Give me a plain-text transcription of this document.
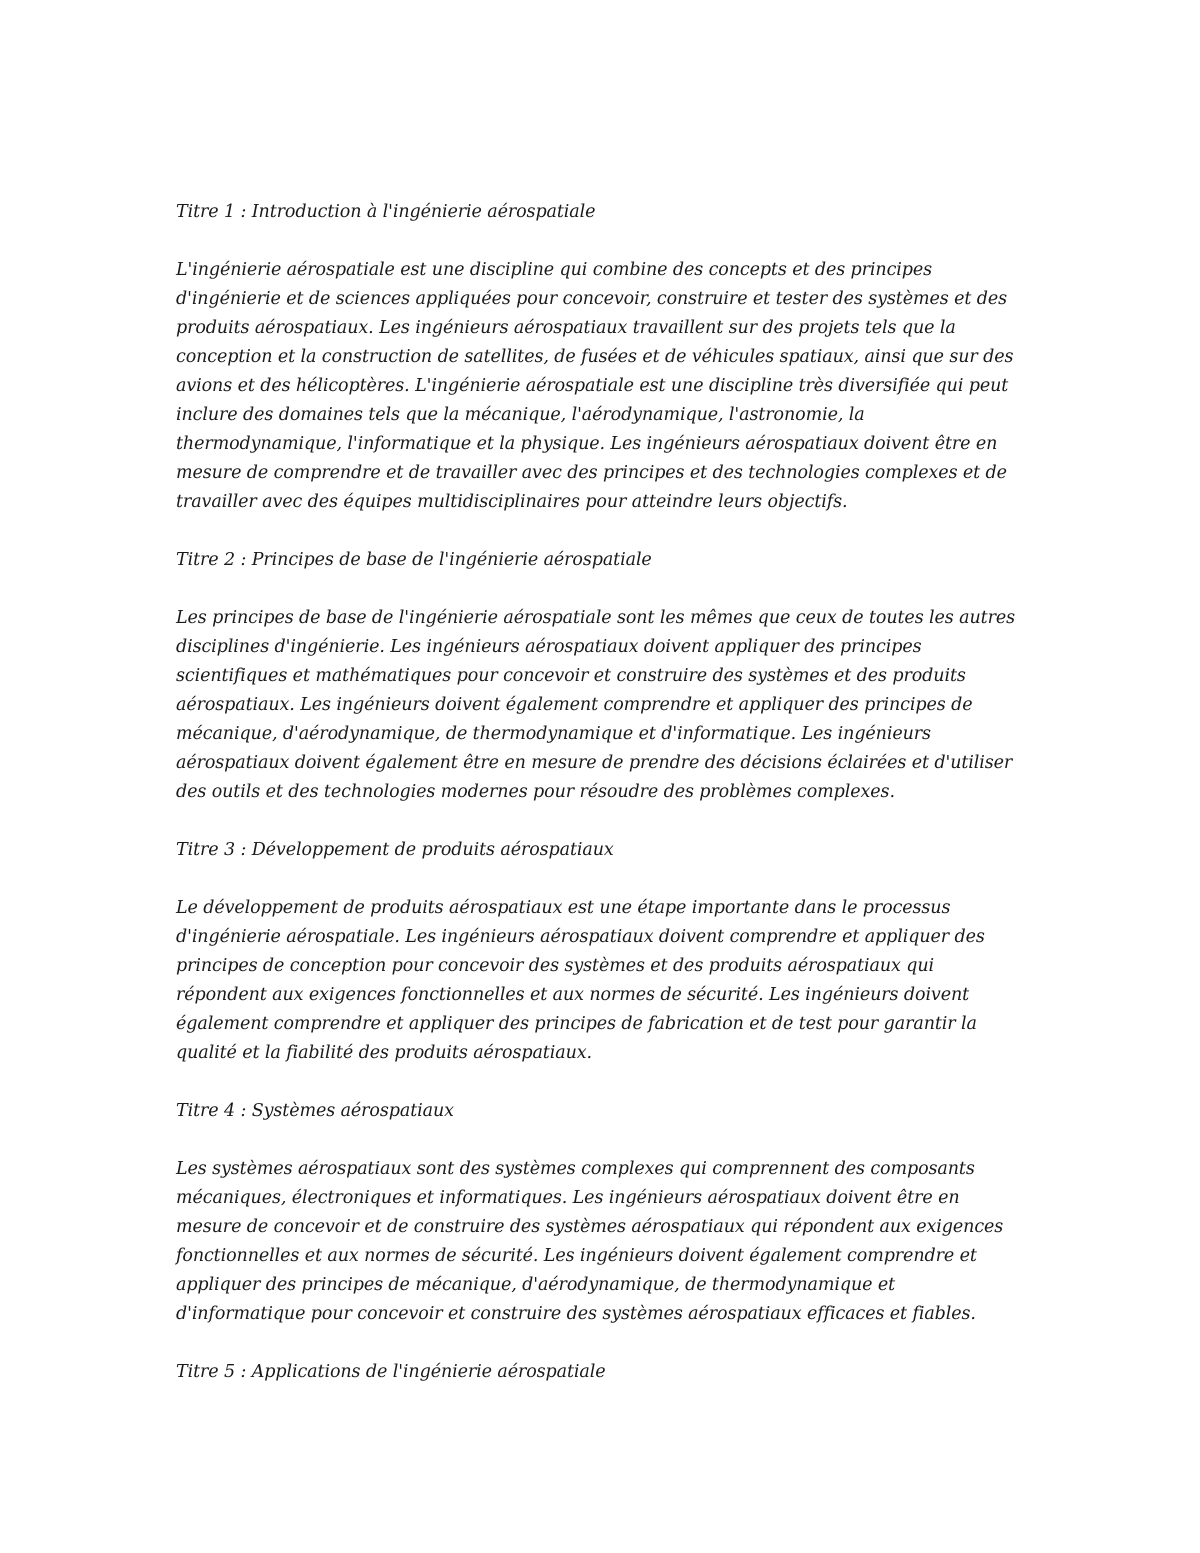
Titre 1 : Introduction à l'ingénierie aérospatiale

L'ingénierie aérospatiale est une discipline qui combine des concepts et des principes d'ingénierie et de sciences appliquées pour concevoir, construire et tester des systèmes et des produits aérospatiaux. Les ingénieurs aérospatiaux travaillent sur des projets tels que la conception et la construction de satellites, de fusées et de véhicules spatiaux, ainsi que sur des avions et des hélicoptères. L'ingénierie aérospatiale est une discipline très diversifiée qui peut inclure des domaines tels que la mécanique, l'aérodynamique, l'astronomie, la thermodynamique, l'informatique et la physique. Les ingénieurs aérospatiaux doivent être en mesure de comprendre et de travailler avec des principes et des technologies complexes et de travailler avec des équipes multidisciplinaires pour atteindre leurs objectifs.

Titre 2 : Principes de base de l'ingénierie aérospatiale

Les principes de base de l'ingénierie aérospatiale sont les mêmes que ceux de toutes les autres disciplines d'ingénierie. Les ingénieurs aérospatiaux doivent appliquer des principes scientifiques et mathématiques pour concevoir et construire des systèmes et des produits aérospatiaux. Les ingénieurs doivent également comprendre et appliquer des principes de mécanique, d'aérodynamique, de thermodynamique et d'informatique. Les ingénieurs aérospatiaux doivent également être en mesure de prendre des décisions éclairées et d'utiliser des outils et des technologies modernes pour résoudre des problèmes complexes.

Titre 3 : Développement de produits aérospatiaux

Le développement de produits aérospatiaux est une étape importante dans le processus d'ingénierie aérospatiale. Les ingénieurs aérospatiaux doivent comprendre et appliquer des principes de conception pour concevoir des systèmes et des produits aérospatiaux qui répondent aux exigences fonctionnelles et aux normes de sécurité. Les ingénieurs doivent également comprendre et appliquer des principes de fabrication et de test pour garantir la qualité et la fiabilité des produits aérospatiaux.

Titre 4 : Systèmes aérospatiaux

Les systèmes aérospatiaux sont des systèmes complexes qui comprennent des composants mécaniques, électroniques et informatiques. Les ingénieurs aérospatiaux doivent être en mesure de concevoir et de construire des systèmes aérospatiaux qui répondent aux exigences fonctionnelles et aux normes de sécurité. Les ingénieurs doivent également comprendre et appliquer des principes de mécanique, d'aérodynamique, de thermodynamique et d'informatique pour concevoir et construire des systèmes aérospatiaux efficaces et fiables.

Titre 5 : Applications de l'ingénierie aérospatiale
